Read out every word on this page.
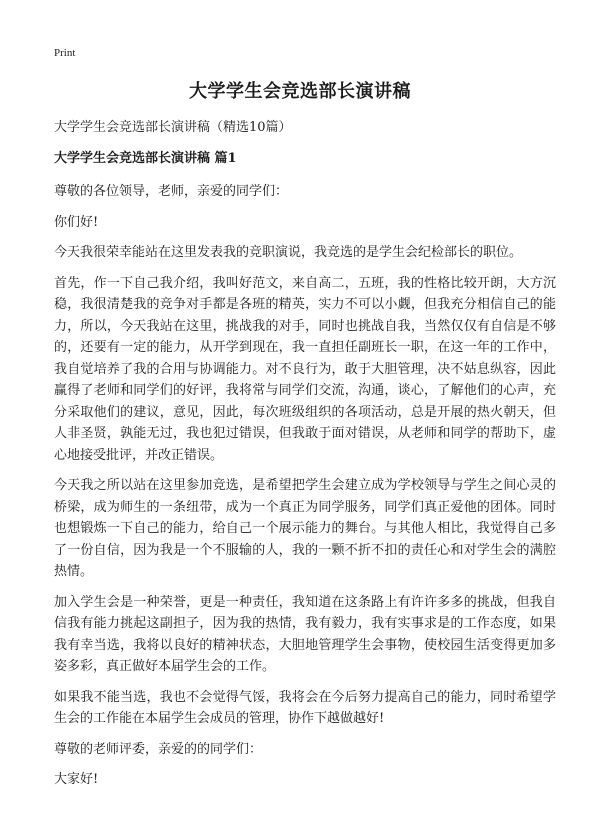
Print
大学学生会竞选部长演讲稿
大学学生会竞选部长演讲稿（精选10篇）
大学学生会竞选部长演讲稿 篇1

尊敬的各位领导，老师，亲爱的同学们：

你们好!

今天我很荣幸能站在这里发表我的竞职演说，我竞选的是学生会纪检部长的职位。

首先，作一下自己我介绍，我叫好范文，来自高二，五班，我的性格比较开朗，大方沉稳，我很清楚我的竞争对手都是各班的精英，实力不可以小觑，但我充分相信自己的能力，所以，今天我站在这里，挑战我的对手，同时也挑战自我，当然仅仅有自信是不够的，还要有一定的能力，从开学到现在，我一直担任副班长一职，在这一年的工作中，我自觉培养了我的合用与协调能力。对不良行为，敢于大胆管理，决不姑息纵容，因此赢得了老师和同学们的好评，我将常与同学们交流，沟通，谈心，了解他们的心声，充分采取他们的建议，意见，因此，每次班级组织的各项活动，总是开展的热火朝天，但人非圣贤，孰能无过，我也犯过错误，但我敢于面对错误，从老师和同学的帮助下，虚心地接受批评，并改正错误。

今天我之所以站在这里参加竞选，是希望把学生会建立成为学校领导与学生之间心灵的桥梁，成为师生的一条纽带，成为一个真正为同学服务，同学们真正爱他的团体。同时也想锻炼一下自己的能力，给自己一个展示能力的舞台。与其他人相比，我觉得自己多了一份自信，因为我是一个不服输的人，我的一颗不折不扣的责任心和对学生会的满腔热情。

加入学生会是一种荣誉，更是一种责任，我知道在这条路上有许许多多的挑战，但我自信我有能力挑起这副担子，因为我的热情，我有毅力，我有实事求是的工作态度，如果我有幸当选，我将以良好的精神状态，大胆地管理学生会事物，使校园生活变得更加多姿多彩，真正做好本届学生会的工作。

如果我不能当选，我也不会觉得气馁，我将会在今后努力提高自己的能力，同时希望学生会的工作能在本届学生会成员的管理，协作下越做越好!

尊敬的老师评委，亲爱的的同学们：

大家好!
